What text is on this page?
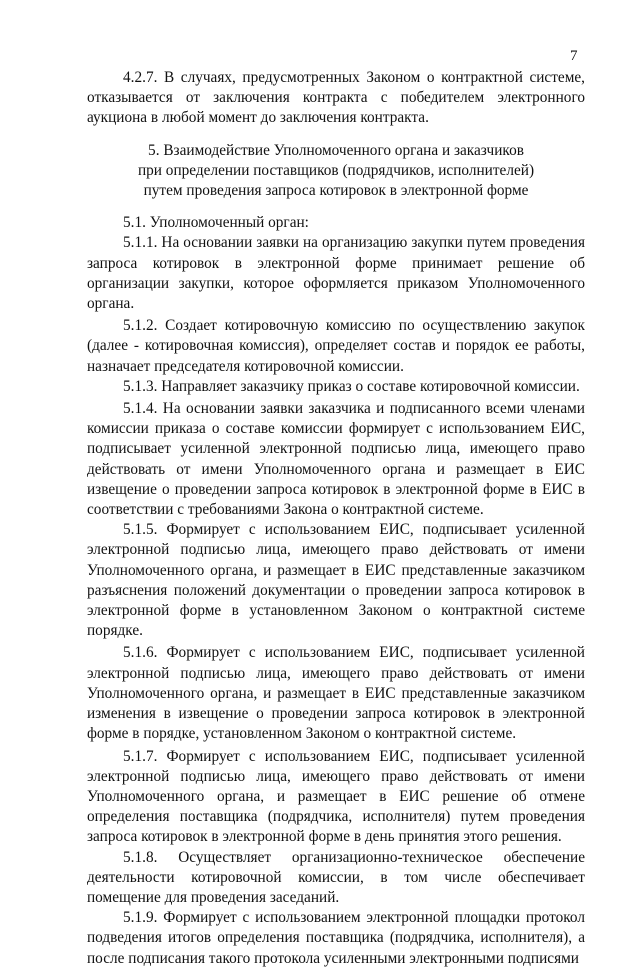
7

4.2.7. В случаях, предусмотренных Законом о контрактной системе, отказывается от заключения контракта с победителем электронного аукциона в любой момент до заключения контракта.

5. Взаимодействие Уполномоченного органа и заказчиков
при определении поставщиков (подрядчиков, исполнителей)
путем проведения запроса котировок в электронной форме

5.1. Уполномоченный орган:

5.1.1. На основании заявки на организацию закупки путем проведения запроса котировок в электронной форме принимает решение об организации закупки, которое оформляется приказом Уполномоченного органа.

5.1.2. Создает котировочную комиссию по осуществлению закупок (далее - котировочная комиссия), определяет состав и порядок ее работы, назначает председателя котировочной комиссии.

5.1.3. Направляет заказчику приказ о составе котировочной комиссии.

5.1.4. На основании заявки заказчика и подписанного всеми членами комиссии приказа о составе комиссии формирует с использованием ЕИС, подписывает усиленной электронной подписью лица, имеющего право действовать от имени Уполномоченного органа и размещает в ЕИС извещение о проведении запроса котировок в электронной форме в ЕИС в соответствии с требованиями Закона о контрактной системе.

5.1.5. Формирует с использованием ЕИС, подписывает усиленной электронной подписью лица, имеющего право действовать от имени Уполномоченного органа, и размещает в ЕИС представленные заказчиком разъяснения положений документации о проведении запроса котировок в электронной форме в установленном Законом о контрактной системе порядке.

5.1.6. Формирует с использованием ЕИС, подписывает усиленной электронной подписью лица, имеющего право действовать от имени Уполномоченного органа, и размещает в ЕИС представленные заказчиком изменения в извещение о проведении запроса котировок в электронной форме в порядке, установленном Законом о контрактной системе.

5.1.7. Формирует с использованием ЕИС, подписывает усиленной электронной подписью лица, имеющего право действовать от имени Уполномоченного органа, и размещает в ЕИС решение об отмене определения поставщика (подрядчика, исполнителя) путем проведения запроса котировок в электронной форме в день принятия этого решения.

5.1.8. Осуществляет организационно-техническое обеспечение деятельности котировочной комиссии, в том числе обеспечивает помещение для проведения заседаний.

5.1.9. Формирует с использованием электронной площадки протокол подведения итогов определения поставщика (подрядчика, исполнителя), а после подписания такого протокола усиленными электронными подписями
